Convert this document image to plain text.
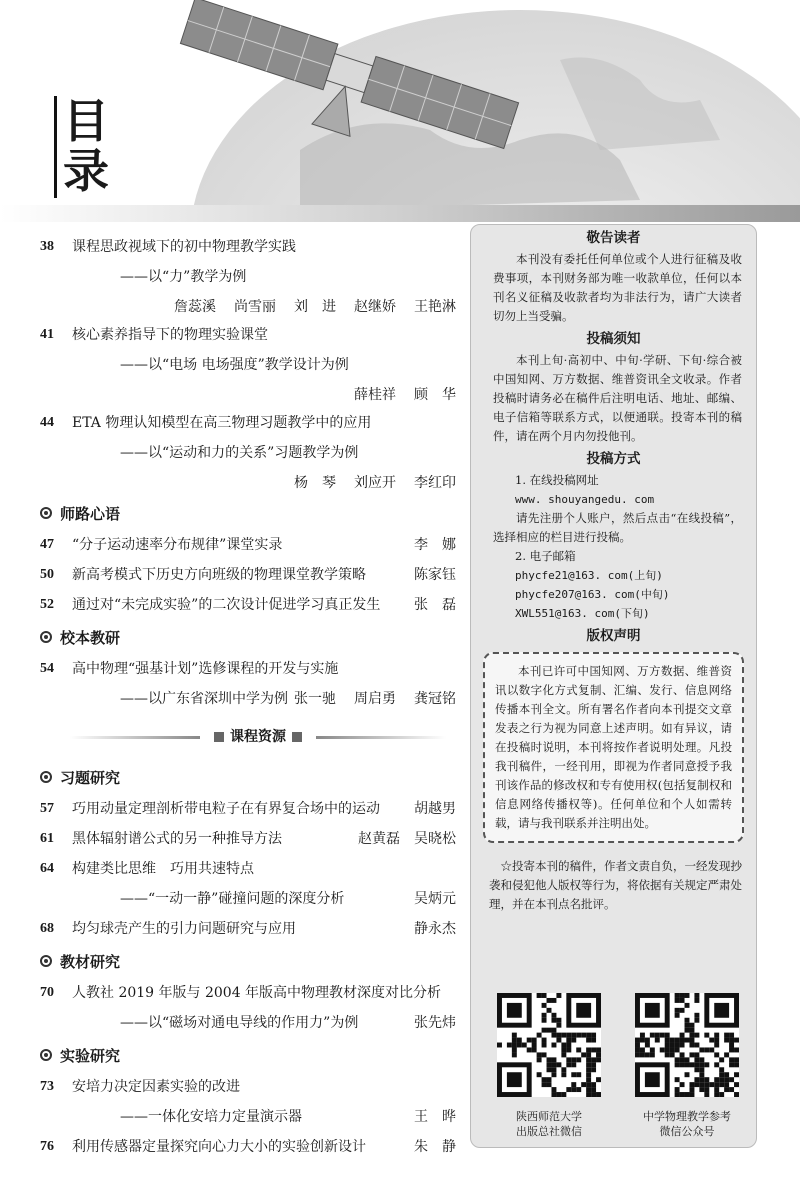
目
录
38	课程思政视域下的初中物理教学实践
——以“力”教学为例
詹蕊溪 尚雪丽 刘　进 赵继娇 王艳淋
41	核心素养指导下的物理实验课堂
——以“电场 电场强度”教学设计为例
薛桂祥 顾　华
44	ETA 物理认知模型在高三物理习题教学中的应用
——以“运动和力的关系”习题教学为例
杨　琴 刘应开 李红印
师路心语
47	“分子运动速率分布规律”课堂实录	李　娜
50	新高考模式下历史方向班级的物理课堂教学策略	陈家钰
52	通过对“未完成实验”的二次设计促进学习真正发生 张　磊
校本教研
54	高中物理“强基计划”选修课程的开发与实施
——以广东省深圳中学为例 张一驰 周启勇 龚冠铭
课程资源
习题研究
57	巧用动量定理剖析带电粒子在有界复合场中的运动 胡越男
61	黑体辐射谱公式的另一种推导方法	赵黄磊　吴晓松
64	构建类比思维　巧用共速特点
——“一动一静”碰撞问题的深度分析	吴炳元
68	均匀球壳产生的引力问题研究与应用	静永杰
教材研究
70	人教社 2019 年版与 2004 年版高中物理教材深度对比分析
——以“磁场对通电导线的作用力”为例	张先炜
实验研究
73	安培力决定因素实验的改进
——一体化安培力定量演示器	王　晔
76	利用传感器定量探究向心力大小的实验创新设计	朱　静
敬告读者
本刊没有委托任何单位或个人进行征稿及收费事项，本刊财务部为唯一收款单位，任何以本刊名义征稿及收款者均为非法行为，请广大读者切勿上当受骗。
投稿须知
本刊上旬·高初中、中旬·学研、下旬·综合被中国知网、万方数据、维普资讯全文收录。作者投稿时请务必在稿件后注明电话、地址、邮编、电子信箱等联系方式，以便通联。投寄本刊的稿件，请在两个月内勿投他刊。
投稿方式
1. 在线投稿网址
www. shouyangedu. com
请先注册个人账户，然后点击“在线投稿”，选择相应的栏目进行投稿。
2. 电子邮箱
phycfe21@163. com(上旬)
phycfe207@163. com(中旬)
XWL551@163. com(下旬)
版权声明
本刊已许可中国知网、万方数据、维普资讯以数字化方式复制、汇编、发行、信息网络传播本刊全文。所有署名作者向本刊提交文章发表之行为视为同意上述声明。如有异议，请在投稿时说明，本刊将按作者说明处理。凡投我刊稿件，一经刊用，即视为作者同意授予我刊该作品的修改权和专有使用权(包括复制权和信息网络传播权等)。任何单位和个人如需转载，请与我刊联系并注明出处。
☆投寄本刊的稿件，作者文责自负，一经发现抄袭和侵犯他人版权等行为，将依据有关规定严肃处理，并在本刊点名批评。
陕西师范大学
出版总社微信
中学物理教学参考
微信公众号
